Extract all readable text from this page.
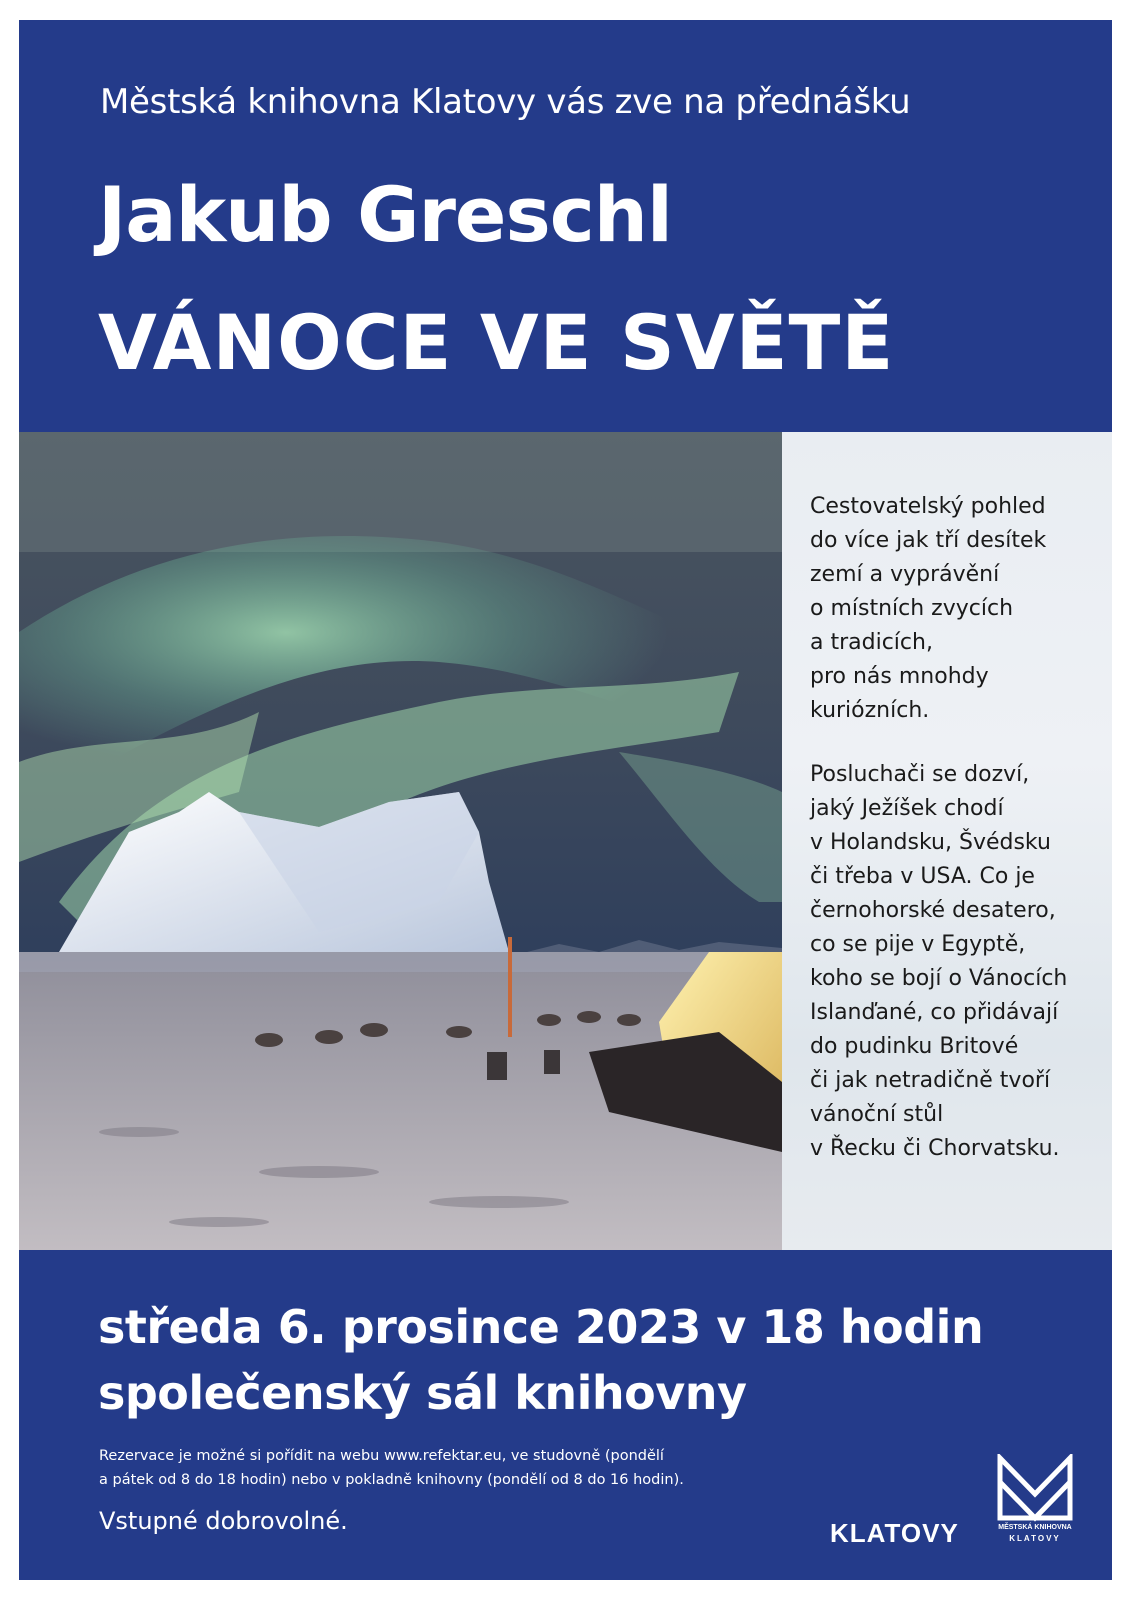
Městská knihovna Klatovy vás zve na přednášku
Jakub Greschl
VÁNOCE VE SVĚTĚ

Cestovatelský pohled
do více jak tří desítek
zemí a vyprávění
o místních zvycích
a tradicích,
pro nás mnohdy
kuriózních.

Posluchači se dozví,
jaký Ježíšek chodí
v Holandsku, Švédsku
či třeba v USA. Co je
černohorské desatero,
co se pije v Egyptě,
koho se bojí o Vánocích
Islanďané, co přidávají
do pudinku Britové
či jak netradičně tvoří
vánoční stůl
v Řecku či Chorvatsku.

středa 6. prosince 2023 v 18 hodin
společenský sál knihovny
Rezervace je možné si pořídit na webu www.refektar.eu, ve studovně (pondělí
a pátek od 8 do 18 hodin) nebo v pokladně knihovny (pondělí od 8 do 16 hodin).
Vstupné dobrovolné.	KLATOVY	MĚSTSKÁ KNIHOVNA
KLATOVY
